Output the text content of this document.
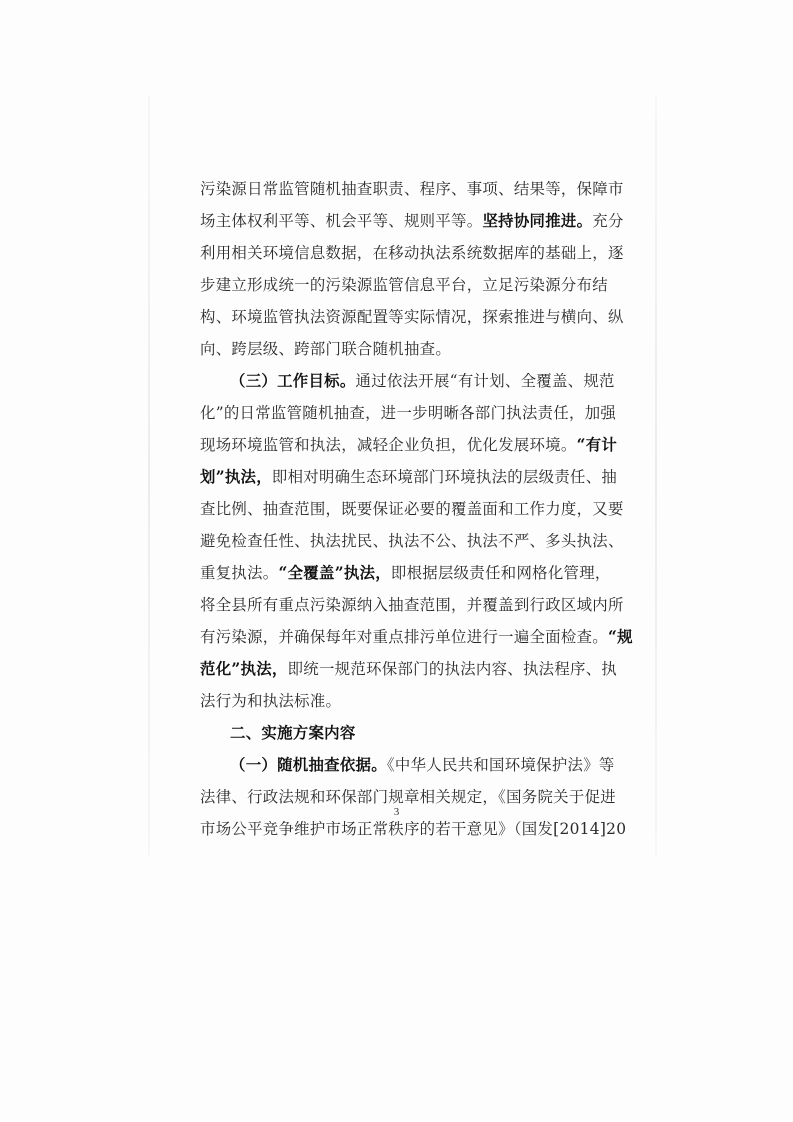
污染源日常监管随机抽查职责、程序、事项、结果等，保障市
场主体权利平等、机会平等、规则平等。坚持协同推进。充分
利用相关环境信息数据，在移动执法系统数据库的基础上，逐
步建立形成统一的污染源监管信息平台，立足污染源分布结
构、环境监管执法资源配置等实际情况，探索推进与横向、纵
向、跨层级、跨部门联合随机抽查。
（三）工作目标。通过依法开展“有计划、全覆盖、规范
化”的日常监管随机抽查，进一步明晰各部门执法责任，加强
现场环境监管和执法，减轻企业负担，优化发展环境。“有计
划”执法，即相对明确生态环境部门环境执法的层级责任、抽
查比例、抽查范围，既要保证必要的覆盖面和工作力度，又要
避免检查任性、执法扰民、执法不公、执法不严、多头执法、
重复执法。“全覆盖”执法，即根据层级责任和网格化管理，
将全县所有重点污染源纳入抽查范围，并覆盖到行政区域内所
有污染源，并确保每年对重点排污单位进行一遍全面检查。“规
范化”执法，即统一规范环保部门的执法内容、执法程序、执
法行为和执法标准。
二、实施方案内容
（一）随机抽查依据。《中华人民共和国环境保护法》等
法律、行政法规和环保部门规章相关规定，《国务院关于促进
市场公平竞争维护市场正常秩序的若干意见》（国发[2014]20
3
